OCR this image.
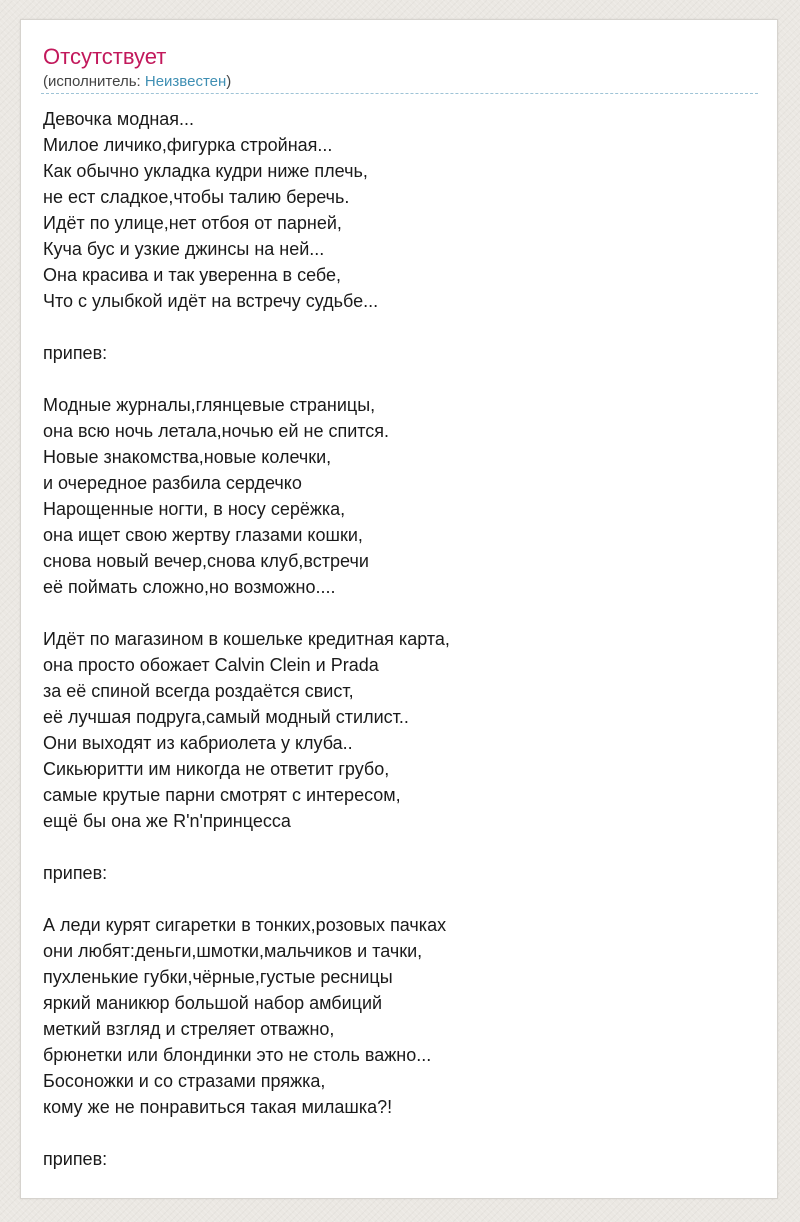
Отсутствует
(исполнитель: Неизвестен)
Девочка модная...
Милое личико,фигурка стройная...
Как обычно укладка кудри ниже плечь,
не ест сладкое,чтобы талию беречь.
Идёт по улице,нет отбоя от парней,
Куча бус и узкие джинсы на ней...
Она красива и так уверенна в себе,
Что с улыбкой идёт на встречу судьбе...
припев:
Модные журналы,глянцевые страницы,
она всю ночь летала,ночью ей не спится.
Новые знакомства,новые колечки,
и очередное разбила сердечко
Нарощенные ногти, в носу серёжка,
она ищет свою жертву глазами кошки,
снова новый вечер,снова клуб,встречи
её поймать сложно,но возможно....
Идёт по магазином в кошельке кредитная карта,
она просто обожает Calvin Clein и Prada
за её спиной всегда роздаётся свист,
её лучшая подруга,самый модный стилист..
Они выходят из кабриолета у клуба..
Сикьюритти им никогда не ответит грубо,
самые крутые парни смотрят с интересом,
ещё бы она же R'n'принцесса
припев:
А леди курят сигаретки в тонких,розовых пачках
они любят:деньги,шмотки,мальчиков и тачки,
пухленькие губки,чёрные,густые ресницы
яркий маникюр большой набор амбиций
меткий взгляд и стреляет отважно,
брюнетки или блондинки это не столь важно...
Босоножки и со стразами пряжка,
кому же не понравиться такая милашка?!
припев:
